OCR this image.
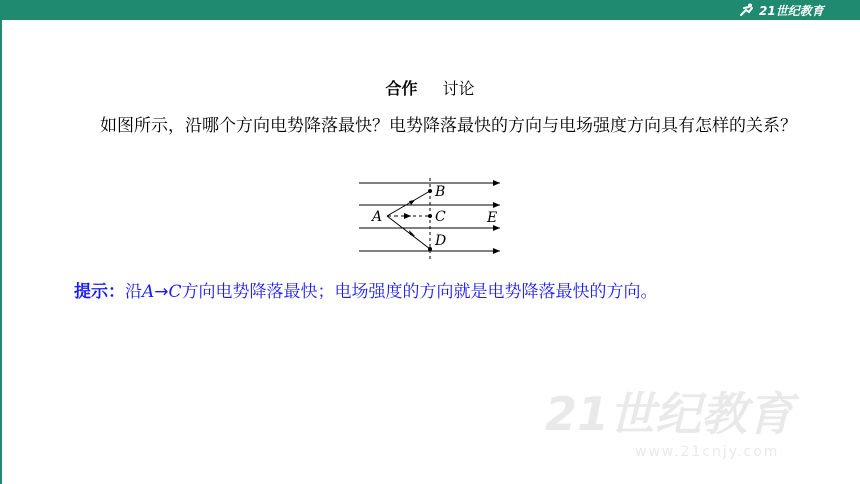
21世纪教育
合作 讨论
如图所示，沿哪个方向电势降落最快？电势降落最快的方向与电场强度方向具有怎样的关系？
A
B
C
D
E
提示：沿A→C方向电势降落最快；电场强度的方向就是电势降落最快的方向。
21世纪教育
www.21cnjy.com
